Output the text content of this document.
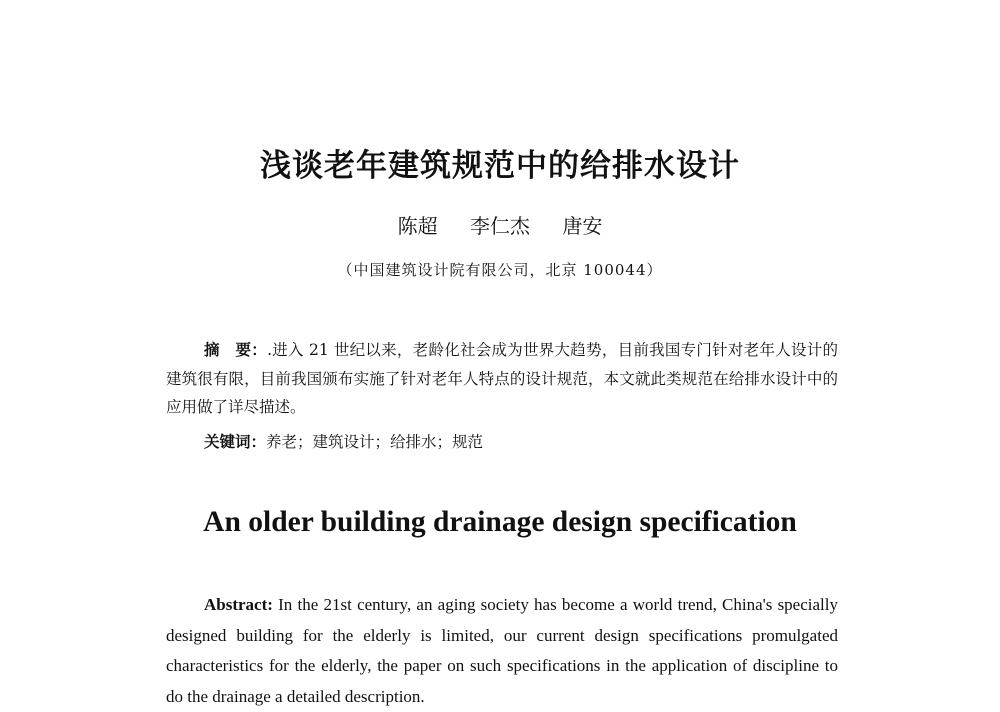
浅谈老年建筑规范中的给排水设计
陈超 李仁杰 唐安
（中国建筑设计院有限公司，北京 100044）

摘　要：.进入 21 世纪以来，老龄化社会成为世界大趋势，目前我国专门针对老年人设计的建筑很有限，目前我国颁布实施了针对老年人特点的设计规范，本文就此类规范在给排水设计中的应用做了详尽描述。

关键词：养老；建筑设计；给排水；规范
An older building drainage design specification

Abstract: In the 21st century, an aging society has become a world trend, China's specially designed building for the elderly is limited, our current design specifications promulgated characteristics for the elderly, the paper on such specifications in the application of discipline to do the drainage a detailed description.
